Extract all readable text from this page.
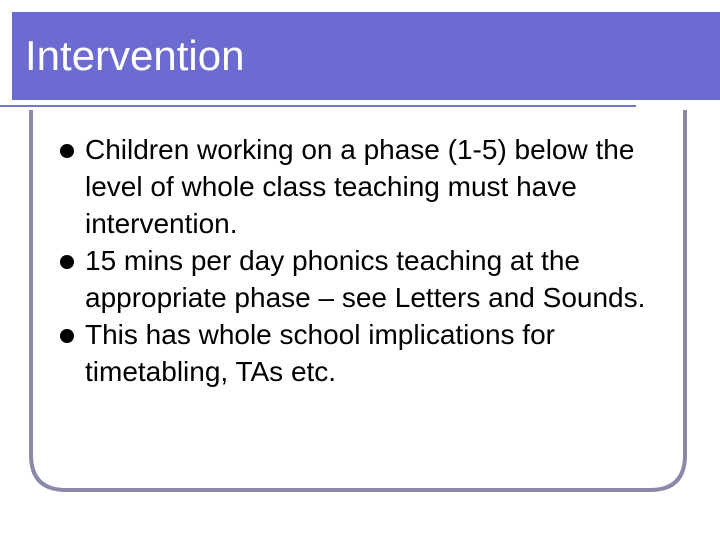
Intervention
Children working on a phase (1-5) below the level of whole class teaching must have intervention.
15 mins per day phonics teaching at the appropriate phase – see Letters and Sounds.
This has whole school implications for timetabling, TAs etc.
